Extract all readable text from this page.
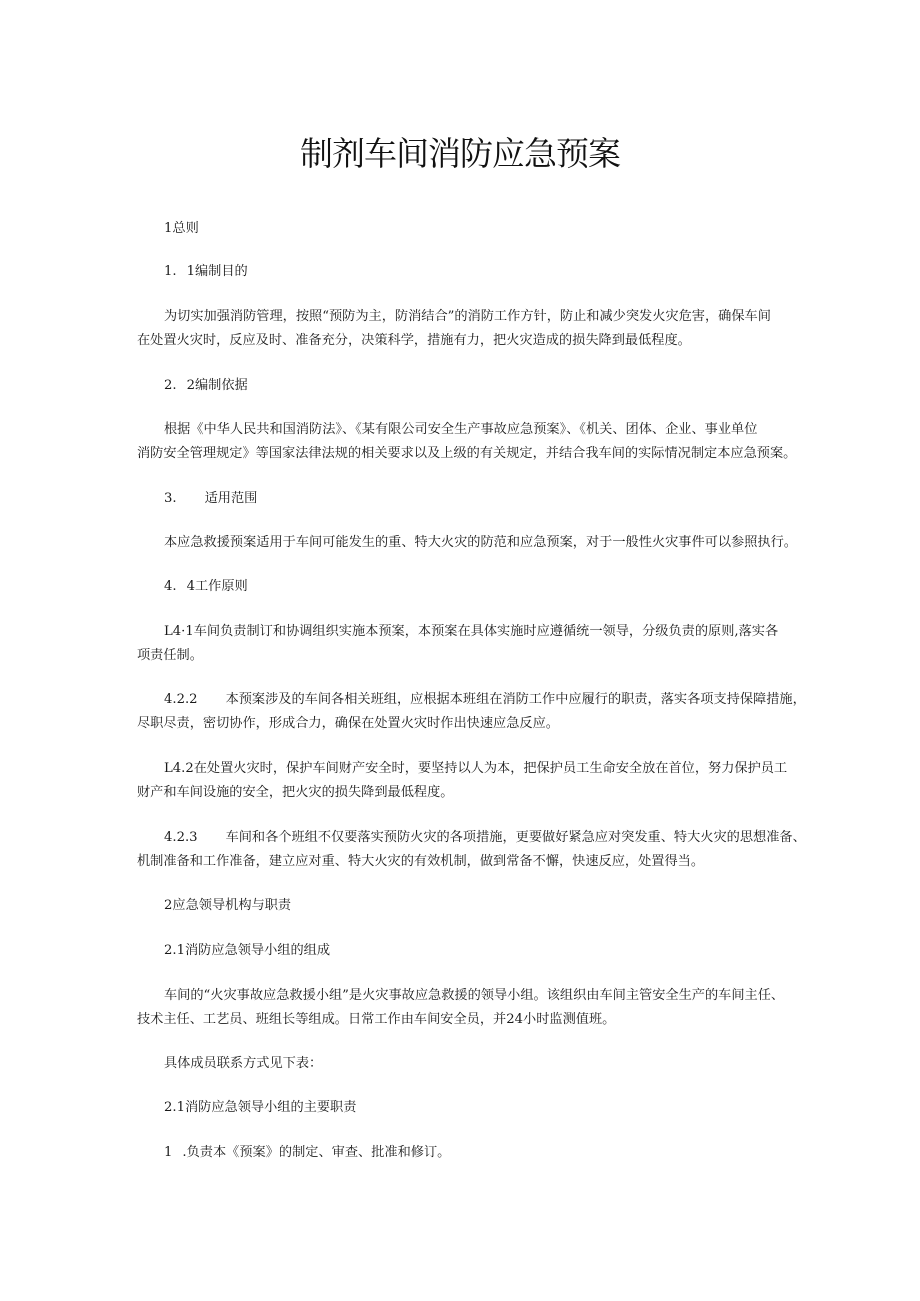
制剂车间消防应急预案

1总则

1. 1编制目的

为切实加强消防管理，按照“预防为主，防消结合”的消防工作方针，防止和减少突发火灾危害，确保车间
在处置火灾时，反应及时、准备充分，决策科学，措施有力，把火灾造成的损失降到最低程度。

2. 2编制依据

根据《中华人民共和国消防法》、《某有限公司安全生产事故应急预案》、《机关、团体、企业、事业单位
消防安全管理规定》等国家法律法规的相关要求以及上级的有关规定，并结合我车间的实际情况制定本应急预案。

3. 适用范围

本应急救援预案适用于车间可能发生的重、特大火灾的防范和应急预案，对于一般性火灾事件可以参照执行。

4. 4工作原则

L4·1车间负责制订和协调组织实施本预案，本预案在具体实施时应遵循统一领导，分级负责的原则,落实各
项责任制。

4.2.2 本预案涉及的车间各相关班组，应根据本班组在消防工作中应履行的职责，落实各项支持保障措施，
尽职尽责，密切协作，形成合力，确保在处置火灾时作出快速应急反应。

L4.2在处置火灾时，保护车间财产安全时，要坚持以人为本，把保护员工生命安全放在首位，努力保护员工
财产和车间设施的安全，把火灾的损失降到最低程度。

4.2.3 车间和各个班组不仅要落实预防火灾的各项措施，更要做好紧急应对突发重、特大火灾的思想准备、
机制准备和工作准备，建立应对重、特大火灾的有效机制，做到常备不懈，快速反应，处置得当。

2应急领导机构与职责

2.1消防应急领导小组的组成

车间的“火灾事故应急救援小组”是火灾事故应急救援的领导小组。该组织由车间主管安全生产的车间主任、
技术主任、工艺员、班组长等组成。日常工作由车间安全员，并24小时监测值班。

具体成员联系方式见下表：

2.1消防应急领导小组的主要职责

1 .负责本《预案》的制定、审查、批准和修订。
